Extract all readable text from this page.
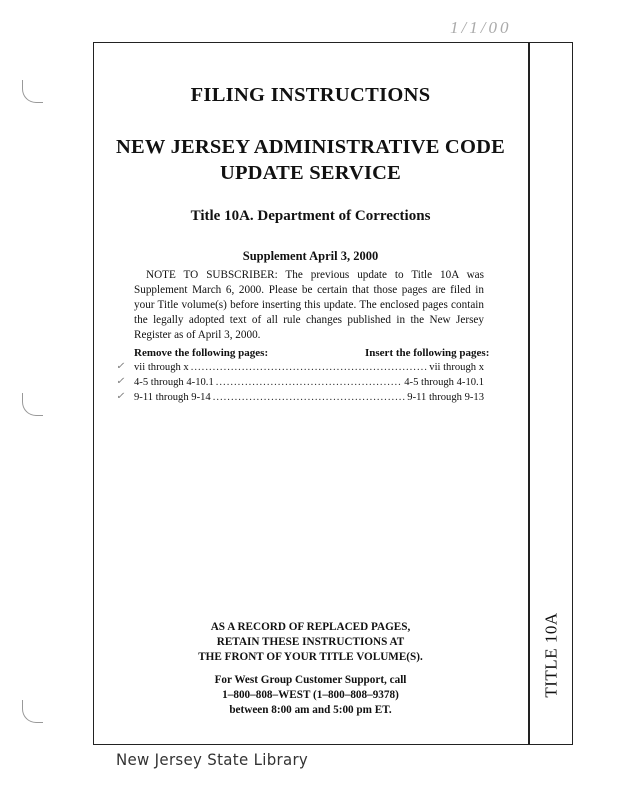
1/1/00
TITLE 10A
FILING INSTRUCTIONS
NEW JERSEY ADMINISTRATIVE CODE
UPDATE SERVICE
Title 10A. Department of Corrections
Supplement April 3, 2000

NOTE TO SUBSCRIBER: The previous update to Title 10A was Supplement March 6, 2000. Please be certain that those pages are filed in your Title volume(s) before inserting this update. The enclosed pages contain the legally adopted text of all rule changes published in the New Jersey Register as of April 3, 2000.

Remove the following pages:	Insert the following pages:
✓ vii through x .....	vii through x
✓ 4-5 through 4-10.1 .....	4-5 through 4-10.1
✓ 9-11 through 9-14 .....	9-11 through 9-13
AS A RECORD OF REPLACED PAGES,
RETAIN THESE INSTRUCTIONS AT
THE FRONT OF YOUR TITLE VOLUME(S).
For West Group Customer Support, call
1–800–808–WEST (1–800–808–9378)
between 8:00 am and 5:00 pm ET.
New Jersey State Library
